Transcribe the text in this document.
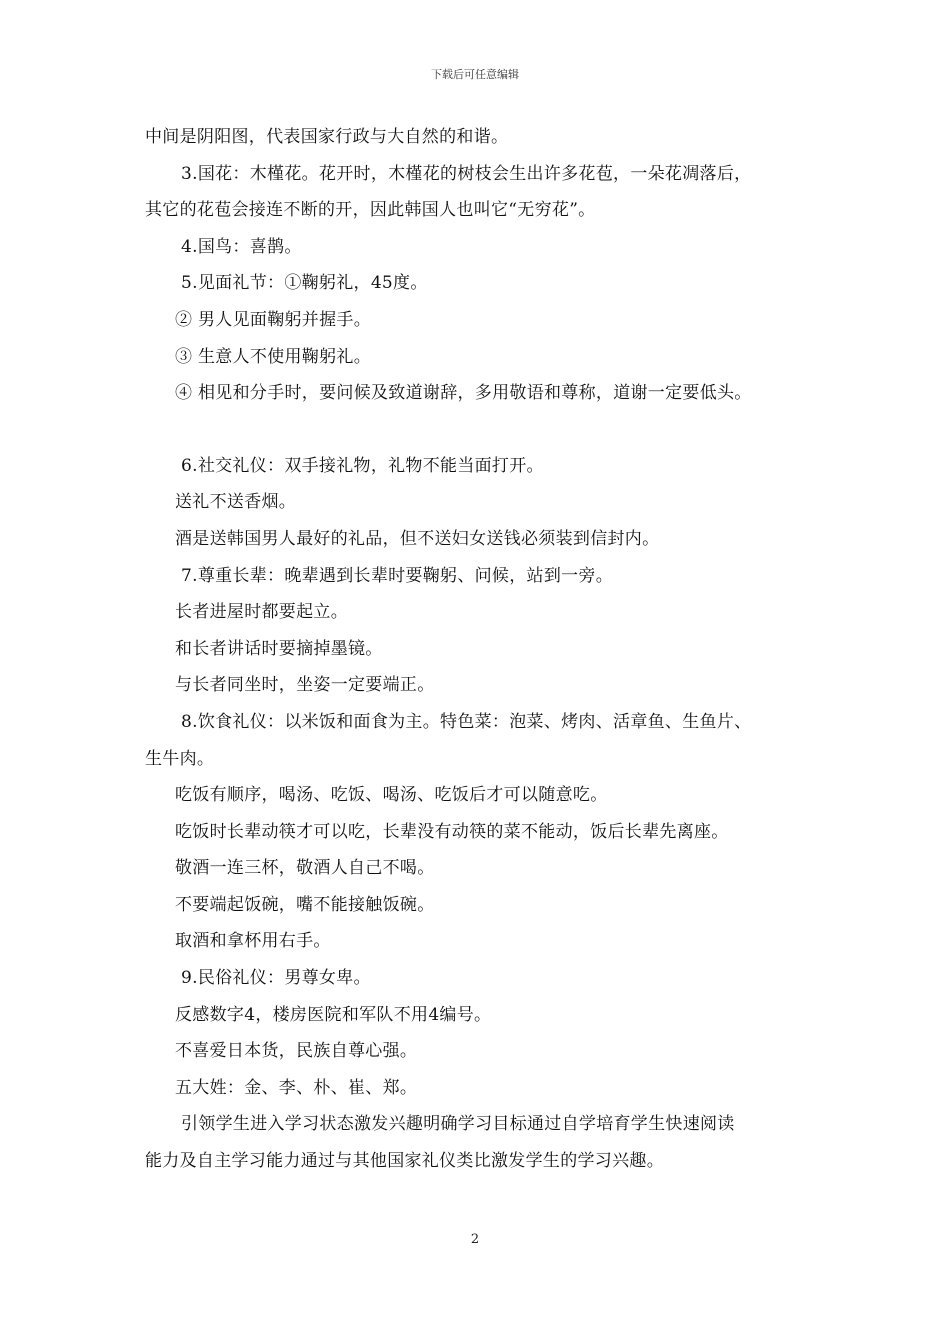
下载后可任意编辑
中间是阴阳图，代表国家行政与大自然的和谐。
3.国花：木槿花。花开时，木槿花的树枝会生出许多花苞，一朵花凋落后，
其它的花苞会接连不断的开，因此韩国人也叫它“无穷花”。
4.国鸟：喜鹊。
5.见面礼节：①鞠躬礼，45度。
② 男人见面鞠躬并握手。
③ 生意人不使用鞠躬礼。
④ 相见和分手时，要问候及致道谢辞，多用敬语和尊称，道谢一定要低头。
6.社交礼仪：双手接礼物，礼物不能当面打开。
送礼不送香烟。
酒是送韩国男人最好的礼品，但不送妇女送钱必须装到信封内。
7.尊重长辈：晚辈遇到长辈时要鞠躬、问候，站到一旁。
长者进屋时都要起立。
和长者讲话时要摘掉墨镜。
与长者同坐时，坐姿一定要端正。
8.饮食礼仪：以米饭和面食为主。特色菜：泡菜、烤肉、活章鱼、生鱼片、
生牛肉。
吃饭有顺序，喝汤、吃饭、喝汤、吃饭后才可以随意吃。
吃饭时长辈动筷才可以吃，长辈没有动筷的菜不能动，饭后长辈先离座。
敬酒一连三杯，敬酒人自己不喝。
不要端起饭碗，嘴不能接触饭碗。
取酒和拿杯用右手。
9.民俗礼仪：男尊女卑。
反感数字4，楼房医院和军队不用4编号。
不喜爱日本货，民族自尊心强。
五大姓：金、李、朴、崔、郑。
引领学生进入学习状态激发兴趣明确学习目标通过自学培育学生快速阅读
能力及自主学习能力通过与其他国家礼仪类比激发学生的学习兴趣。
2
